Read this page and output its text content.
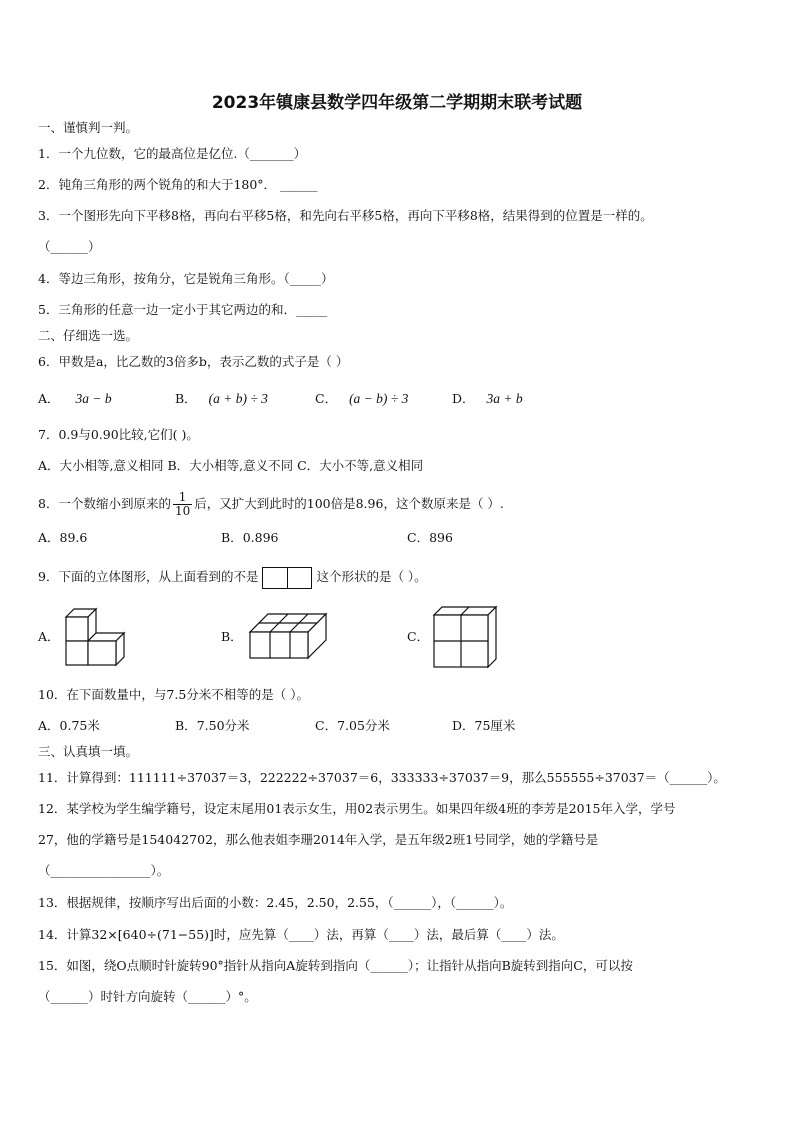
2023年镇康县数学四年级第二学期期末联考试题
一、谨慎判一判。
1．一个九位数，它的最高位是亿位.（_______）
2．钝角三角形的两个锐角的和大于180°． ______
3．一个图形先向下平移8格，再向右平移5格，和先向右平移5格，再向下平移8格，结果得到的位置是一样的。
（______）
4．等边三角形，按角分，它是锐角三角形。（_____）
5．三角形的任意一边一定小于其它两边的和．_____
二、仔细选一选。
6．甲数是a，比乙数的3倍多b，表示乙数的式子是（ ）
A． 3a − b	B． (a + b) ÷ 3	C． (a − b) ÷ 3	D． 3a + b
7．0.9与0.90比较,它们( )。
A．大小相等,意义相同 B．大小相等,意义不同 C．大小不等,意义相同
8．一个数缩小到原来的 $\frac{1}{10}$ 后，又扩大到此时的100倍是8.96，这个数原来是（ ）.
A．89.6	B．0.896	C．896
9．下面的立体图形，从上面看到的不是	这个形状的是（ ）。
A．	B．	C．
10．在下面数量中，与7.5分米不相等的是（ ）。
A．0.75米	B．7.50分米	C．7.05分米	D．75厘米
三、认真填一填。
11．计算得到：111111÷37037＝3，222222÷37037＝6，333333÷37037＝9，那么555555÷37037＝（______）。
12．某学校为学生编学籍号，设定末尾用01表示女生，用02表示男生。如果四年级4班的李芳是2015年入学，学号
27，他的学籍号是154042702，那么他表姐李珊2014年入学，是五年级2班1号同学，她的学籍号是
（________________）。
13．根据规律，按顺序写出后面的小数：2.45，2.50，2.55，（______），（______）。
14．计算32×[640÷(71−55)]时，应先算（____）法，再算（____）法，最后算（____）法。
15．如图，绕O点顺时针旋转90°指针从指向A旋转到指向（______）；让指针从指向B旋转到指向C，可以按
（______）时针方向旋转（______）°。
